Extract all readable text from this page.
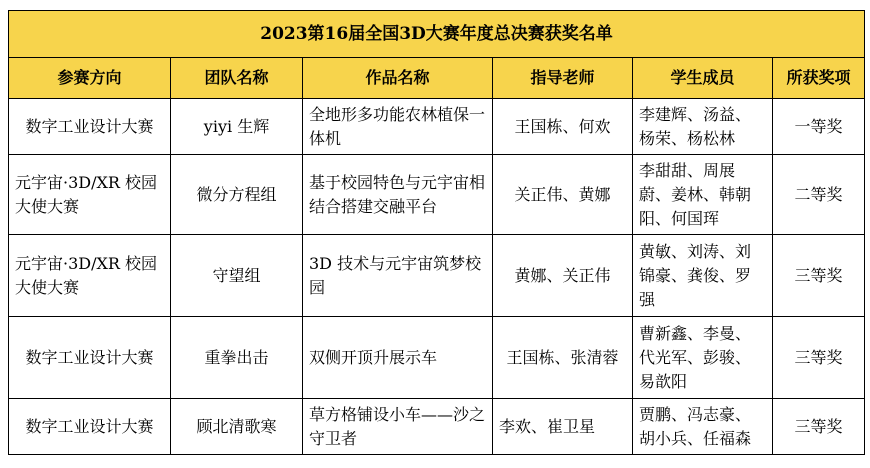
2023第16届全国3D大赛年度总决赛获奖名单					
参赛方向	团队名称	作品名称	指导老师	学生成员	所获奖项
数字工业设计大赛	yiyi 生辉	全地形多功能农林植保一体机	王国栋、何欢	李建辉、汤益、杨荣、杨松林	一等奖
元宇宙·3D/XR 校园大使大赛	微分方程组	基于校园特色与元宇宙相结合搭建交融平台	关正伟、黄娜	李甜甜、周展蔚、姜林、韩朝阳、何国珲	二等奖
元宇宙·3D/XR 校园大使大赛	守望组	3D 技术与元宇宙筑梦校园	黄娜、关正伟	黄敏、刘涛、刘锦豪、龚俊、罗强	三等奖
数字工业设计大赛	重拳出击	双侧开顶升展示车	王国栋、张清蓉	曹新鑫、李曼、代光军、彭骏、易歆阳	三等奖
数字工业设计大赛	顾北清歌寒	草方格铺设小车——沙之守卫者	李欢、崔卫星	贾鹏、冯志豪、胡小兵、任福森	三等奖
